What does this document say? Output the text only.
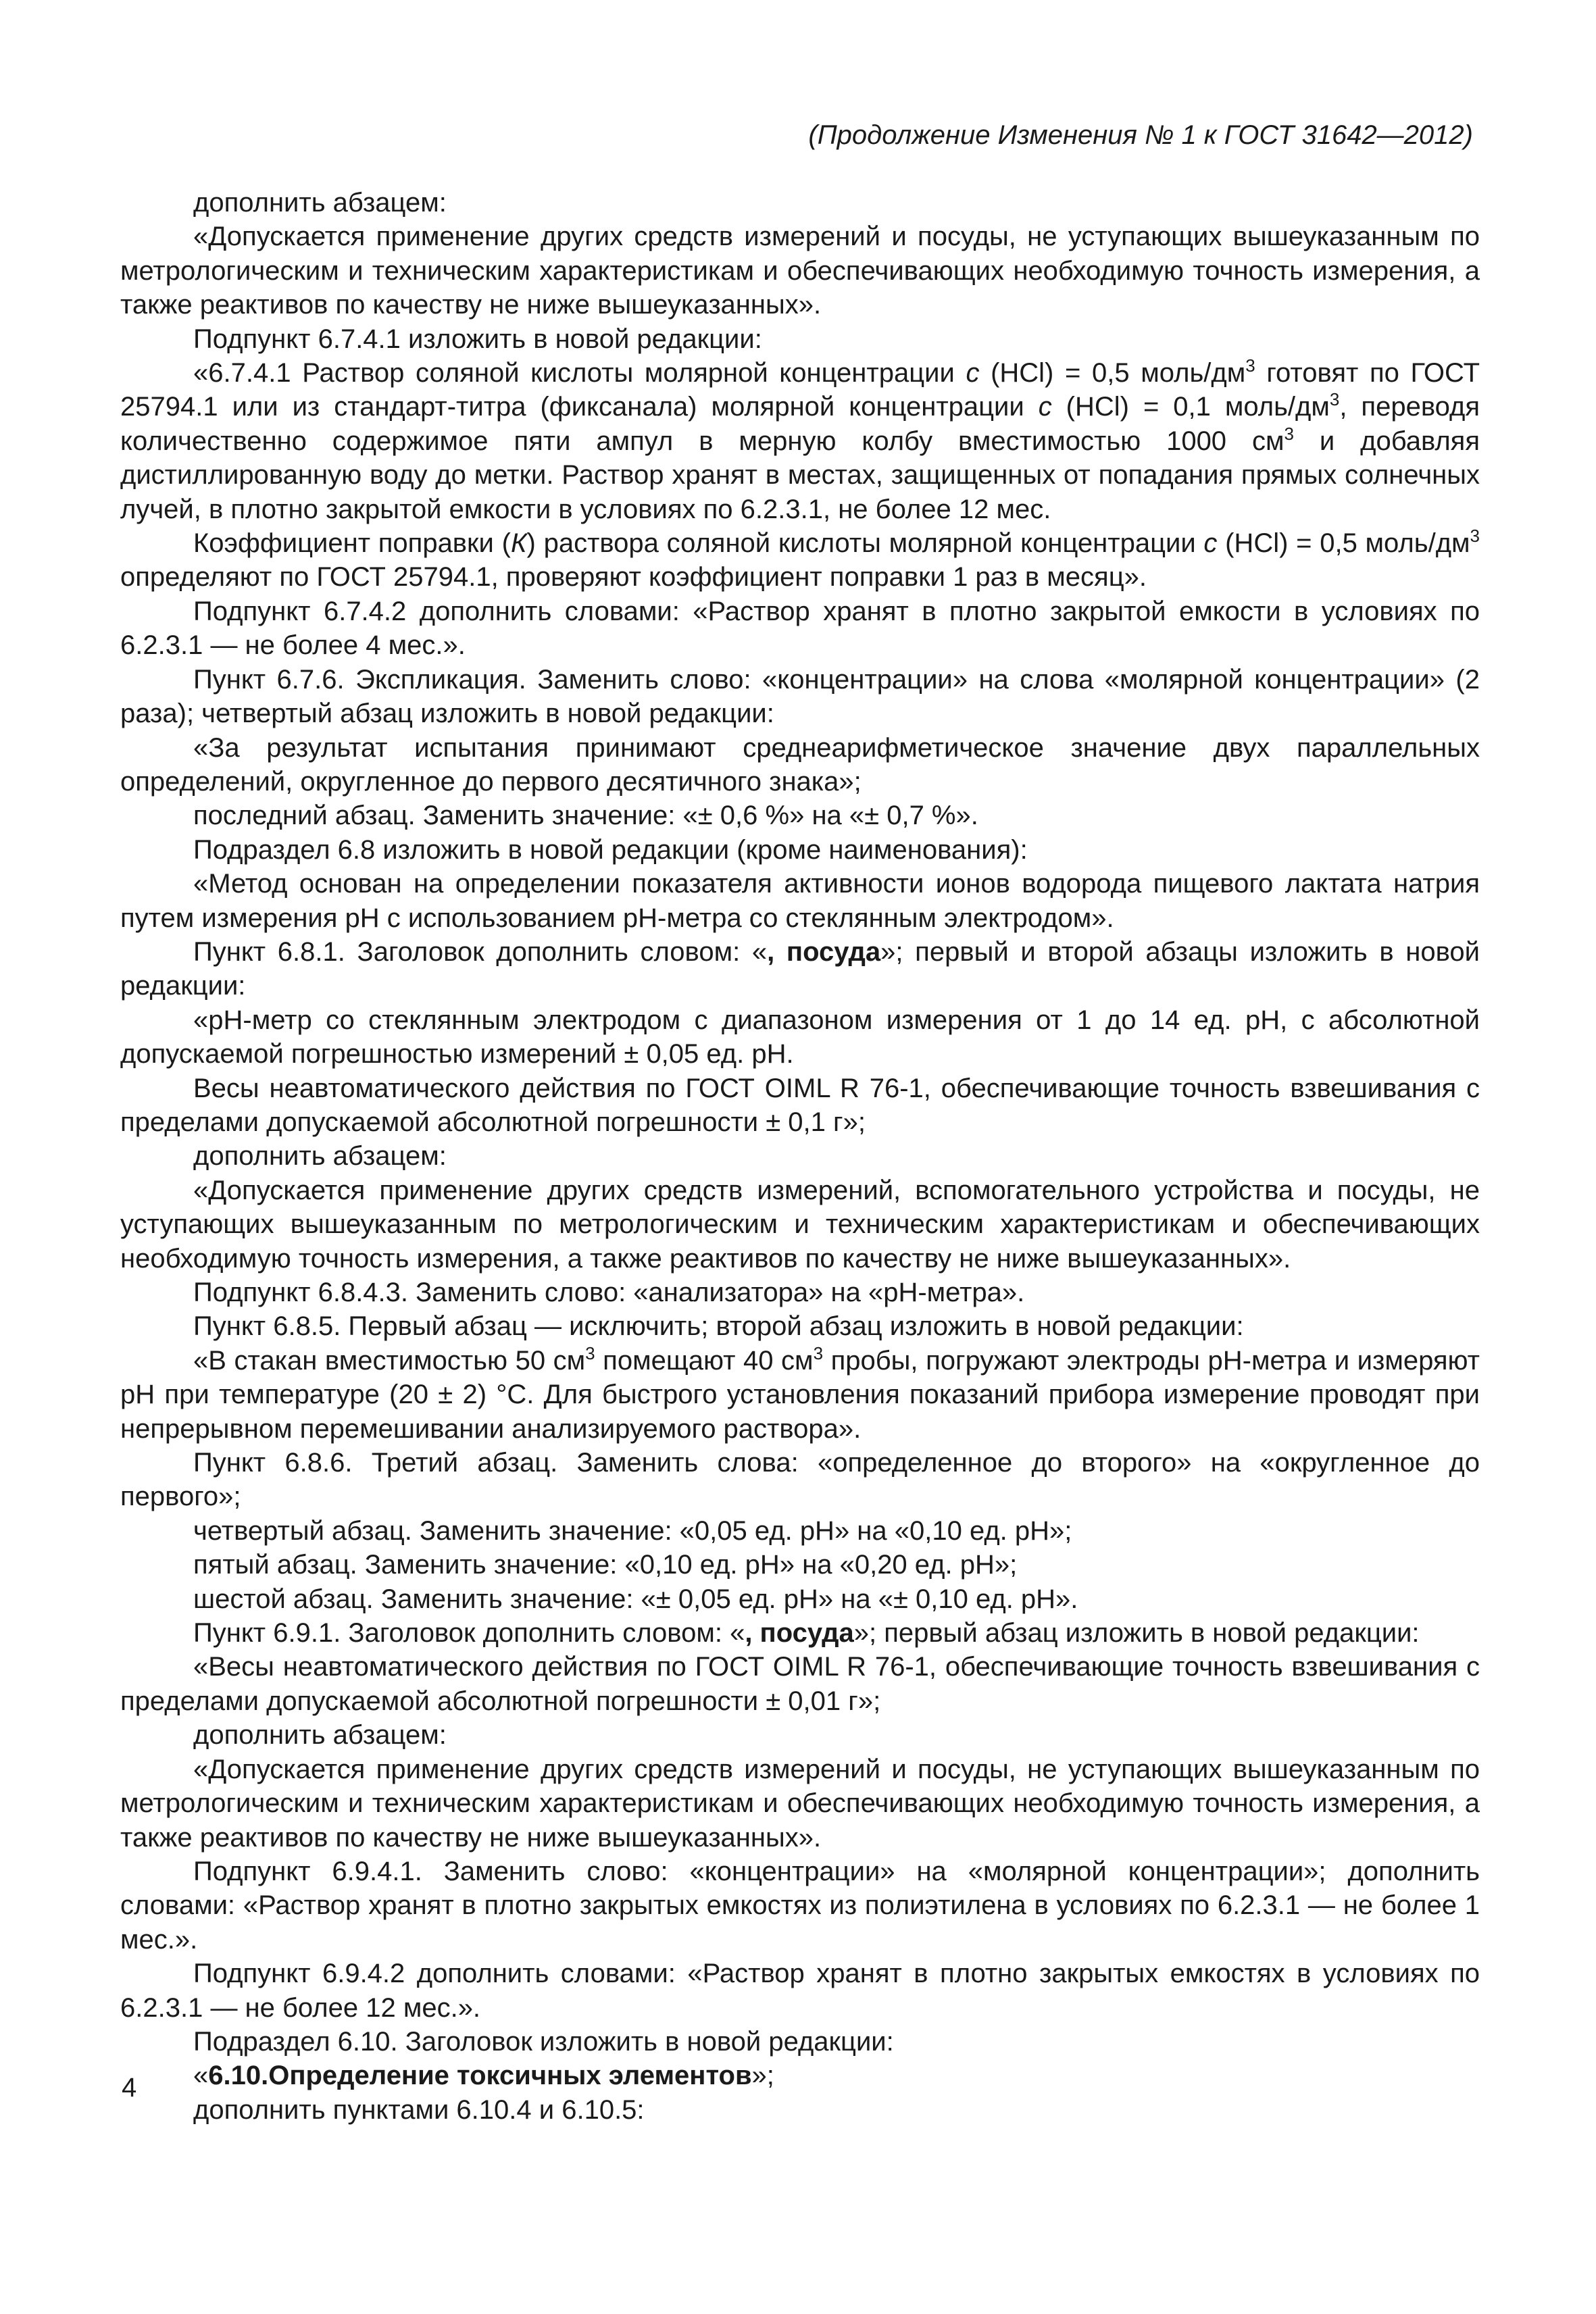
(Продолжение Изменения № 1 к ГОСТ 31642—2012)

дополнить абзацем:

«Допускается применение других средств измерений и посуды, не уступающих вышеуказанным по метрологическим и техническим характеристикам и обеспечивающих необходимую точность измерения, а также реактивов по качеству не ниже вышеуказанных».

Подпункт 6.7.4.1 изложить в новой редакции:

«6.7.4.1 Раствор соляной кислоты молярной концентрации с (HCl) = 0,5 моль/$дм^3$ готовят по ГОСТ 25794.1 или из стандарт-титра (фиксанала) молярной концентрации с (HCl) = 0,1 моль/$дм^3$, переводя количественно содержимое пяти ампул в мерную колбу вместимостью 1000 $см^3$ и добавляя дистиллированную воду до метки. Раствор хранят в местах, защищенных от попадания прямых солнечных лучей, в плотно закрытой емкости в условиях по 6.2.3.1, не более 12 мес.

Коэффициент поправки (К) раствора соляной кислоты молярной концентрации с (HCl) = 0,5 моль/$дм^3$ определяют по ГОСТ 25794.1, проверяют коэффициент поправки 1 раз в месяц».

Подпункт 6.7.4.2 дополнить словами: «Раствор хранят в плотно закрытой емкости в условиях по 6.2.3.1 — не более 4 мес.».

Пункт 6.7.6. Экспликация. Заменить слово: «концентрации» на слова «молярной концентрации» (2 раза); четвертый абзац изложить в новой редакции:

«За результат испытания принимают среднеарифметическое значение двух параллельных определений, округленное до первого десятичного знака»;

последний абзац. Заменить значение: «± 0,6 %» на «± 0,7 %».

Подраздел 6.8 изложить в новой редакции (кроме наименования):

«Метод основан на определении показателя активности ионов водорода пищевого лактата натрия путем измерения рН с использованием рН-метра со стеклянным электродом».

Пункт 6.8.1. Заголовок дополнить словом: «, посуда»; первый и второй абзацы изложить в новой редакции:

«рН-метр со стеклянным электродом с диапазоном измерения от 1 до 14 ед. рН, с абсолютной допускаемой погрешностью измерений ± 0,05 ед. рН.

Весы неавтоматического действия по ГОСТ OIML R 76-1, обеспечивающие точность взвешивания с пределами допускаемой абсолютной погрешности ± 0,1 г»;

дополнить абзацем:

«Допускается применение других средств измерений, вспомогательного устройства и посуды, не уступающих вышеуказанным по метрологическим и техническим характеристикам и обеспечивающих необходимую точность измерения, а также реактивов по качеству не ниже вышеуказанных».

Подпункт 6.8.4.3. Заменить слово: «анализатора» на «рН-метра».

Пункт 6.8.5. Первый абзац — исключить; второй абзац изложить в новой редакции:

«В стакан вместимостью 50 $см^3$ помещают 40 $см^3$ пробы, погружают электроды рН-метра и измеряют рН при температуре (20 ± 2) °С. Для быстрого установления показаний прибора измерение проводят при непрерывном перемешивании анализируемого раствора».

Пункт 6.8.6. Третий абзац. Заменить слова: «определенное до второго» на «округленное до первого»;

четвертый абзац. Заменить значение: «0,05 ед. рН» на «0,10 ед. рН»;

пятый абзац. Заменить значение: «0,10 ед. рН» на «0,20 ед. рН»;

шестой абзац. Заменить значение: «± 0,05 ед. рН» на «± 0,10 ед. рН».

Пункт 6.9.1. Заголовок дополнить словом: «, посуда»; первый абзац изложить в новой редакции:

«Весы неавтоматического действия по ГОСТ OIML R 76-1, обеспечивающие точность взвешивания с пределами допускаемой абсолютной погрешности ± 0,01 г»;

дополнить абзацем:

«Допускается применение других средств измерений и посуды, не уступающих вышеуказанным по метрологическим и техническим характеристикам и обеспечивающих необходимую точность измерения, а также реактивов по качеству не ниже вышеуказанных».

Подпункт 6.9.4.1. Заменить слово: «концентрации» на «молярной концентрации»; дополнить словами: «Раствор хранят в плотно закрытых емкостях из полиэтилена в условиях по 6.2.3.1 — не более 1 мес.».

Подпункт 6.9.4.2 дополнить словами: «Раствор хранят в плотно закрытых емкостях в условиях по 6.2.3.1 — не более 12 мес.».

Подраздел 6.10. Заголовок изложить в новой редакции:

«6.10.Определение токсичных элементов»;

дополнить пунктами 6.10.4 и 6.10.5:

4
